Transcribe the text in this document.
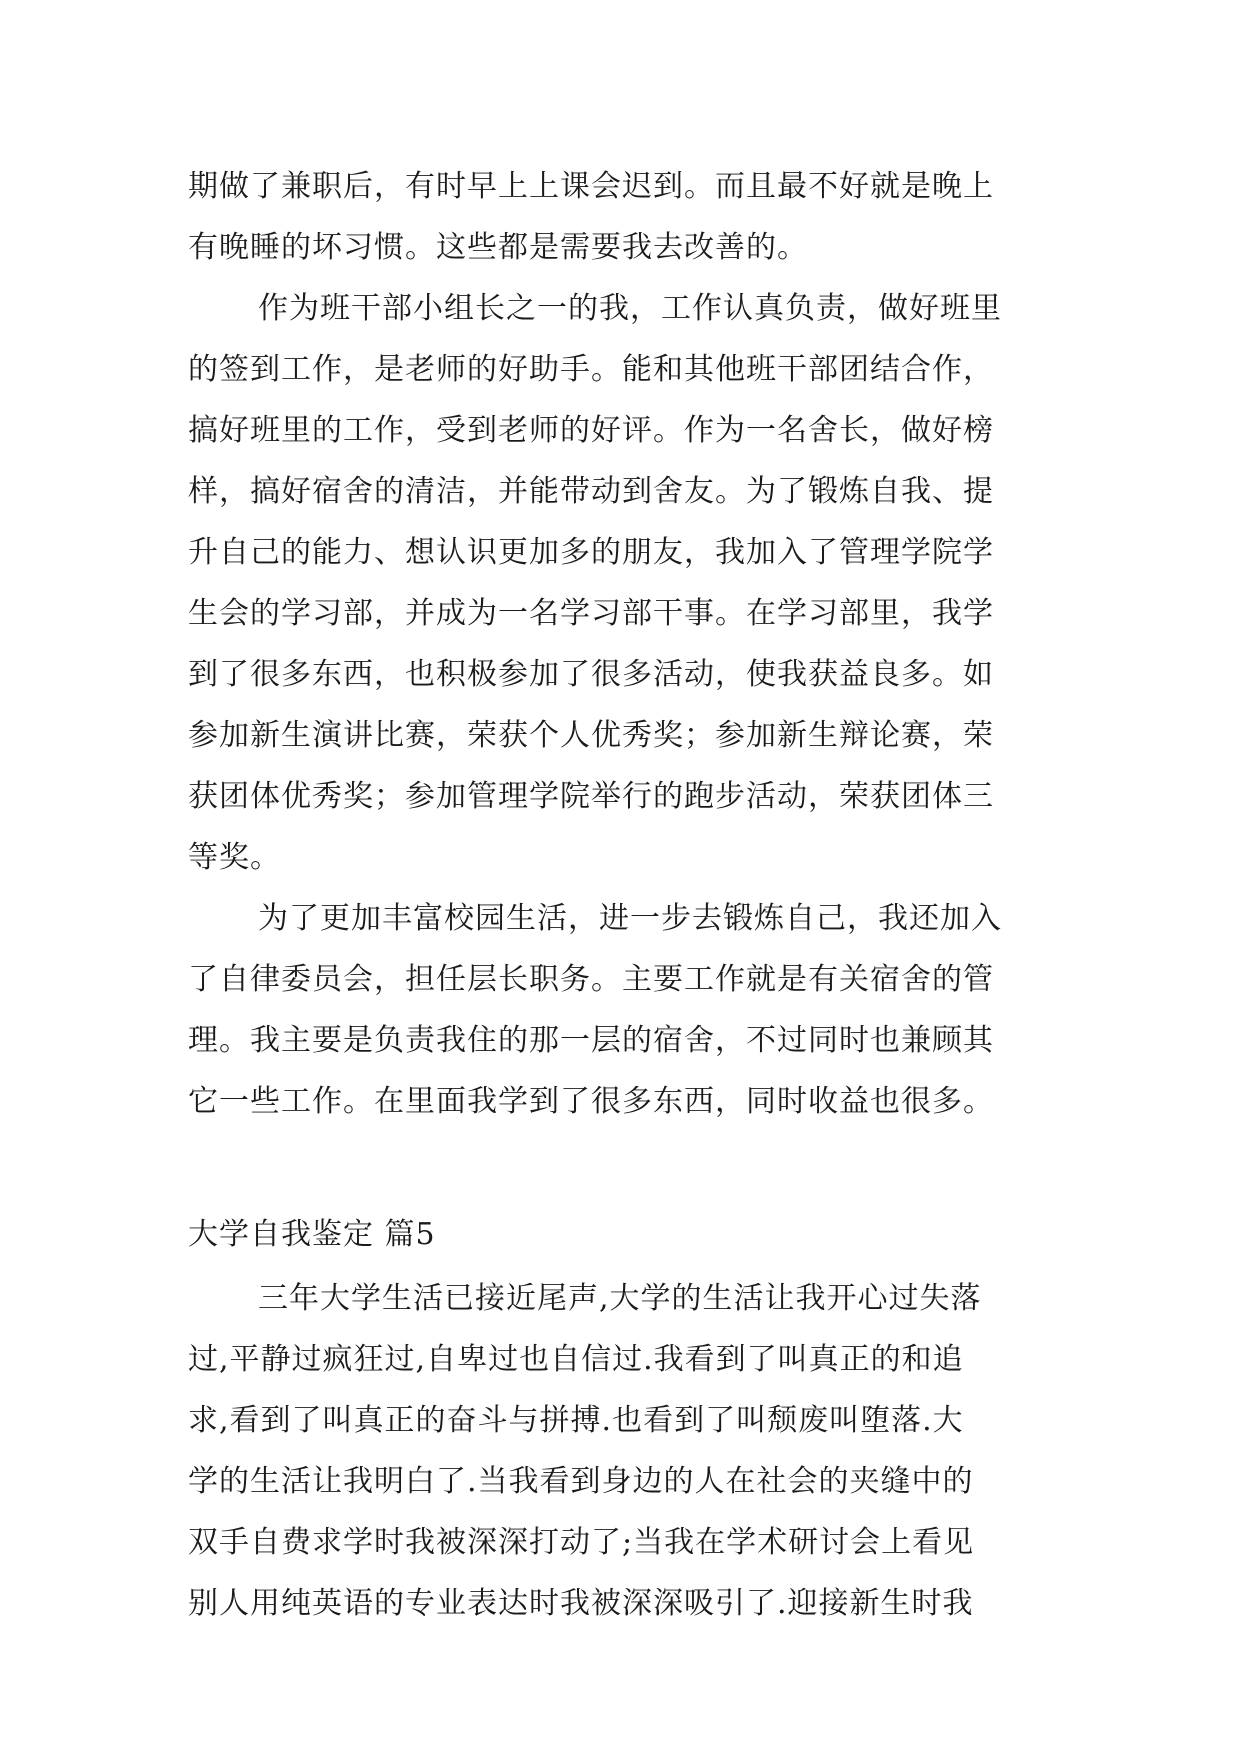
期做了兼职后，有时早上上课会迟到。而且最不好就是晚上
有晚睡的坏习惯。这些都是需要我去改善的。
作为班干部小组长之一的我，工作认真负责，做好班里
的签到工作，是老师的好助手。能和其他班干部团结合作，
搞好班里的工作，受到老师的好评。作为一名舍长，做好榜
样，搞好宿舍的清洁，并能带动到舍友。为了锻炼自我、提
升自己的能力、想认识更加多的朋友，我加入了管理学院学
生会的学习部，并成为一名学习部干事。在学习部里，我学
到了很多东西，也积极参加了很多活动，使我获益良多。如
参加新生演讲比赛，荣获个人优秀奖；参加新生辩论赛，荣
获团体优秀奖；参加管理学院举行的跑步活动，荣获团体三
等奖。
为了更加丰富校园生活，进一步去锻炼自己，我还加入
了自律委员会，担任层长职务。主要工作就是有关宿舍的管
理。我主要是负责我住的那一层的宿舍，不过同时也兼顾其
它一些工作。在里面我学到了很多东西，同时收益也很多。
大学自我鉴定 篇5
三年大学生活已接近尾声,大学的生活让我开心过失落
过,平静过疯狂过,自卑过也自信过.我看到了叫真正的和追
求,看到了叫真正的奋斗与拼搏.也看到了叫颓废叫堕落.大
学的生活让我明白了.当我看到身边的人在社会的夹缝中的
双手自费求学时我被深深打动了;当我在学术研讨会上看见
别人用纯英语的专业表达时我被深深吸引了.迎接新生时我
